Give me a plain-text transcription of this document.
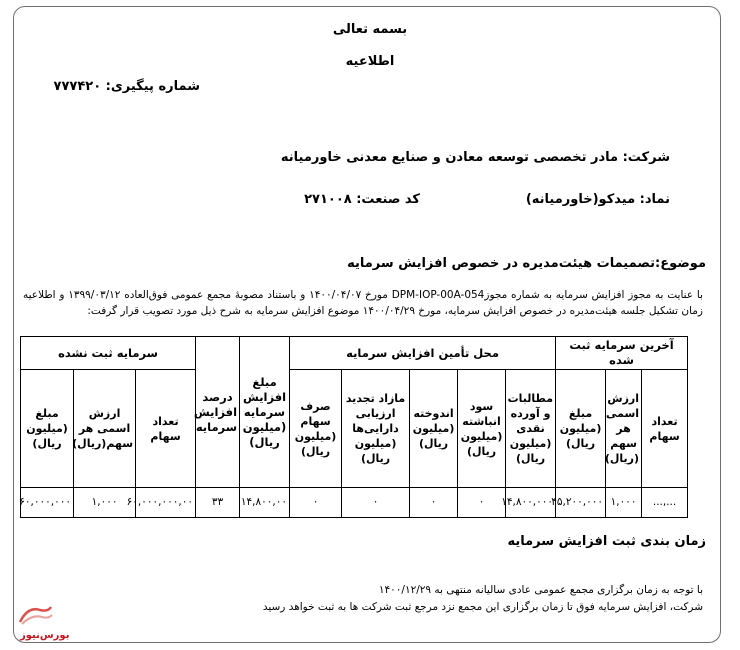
بسمه تعالی
اطلاعیه
شماره پیگیری: ۷۷۷۴۲۰
شرکت: مادر تخصصی توسعه معادن و صنایع معدنی خاورمیانه
نماد: میدکو(خاورمیانه)
کد صنعت: ۲۷۱۰۰۸
موضوع:تصمیمات هیئت‌مدیره در خصوص افزایش سرمایه
با عنایت به مجوز افزایش سرمایه به شماره مجوزDPM-IOP-00A-054 مورخ ۱۴۰۰/۰۴/۰۷ و باستناد مصوبهٔ مجمع عمومی فوق‌العاده ۱۳۹۹/۰۳/۱۲ و اطلاعیه زمان تشکیل جلسه هیئت‌مدیره در خصوص افزایش سرمایه، مورخ ۱۴۰۰/۰۴/۲۹ موضوع افزایش سرمایه به شرح ذیل مورد تصویب قرار گرفت:
آخرین سرمایه ثبت شده			محل تأمین افزایش سرمایه					مبلغ افزایش سرمایه (میلیون ریال)	درصد افزایش سرمایه	سرمایه ثبت نشده		
تعداد سهام	ارزش اسمی هر سهم (ریال)	مبلغ (میلیون ریال)	مطالبات و آورده نقدی (میلیون ریال)	سود انباشته (میلیون ریال)	اندوخته (میلیون ریال)	مازاد تجدید ارزیابی دارایی‌ها (میلیون ریال)	صرف سهام (میلیون ریال)			تعداد سهام	ارزش اسمی هر سهم(ریال)	مبلغ (میلیون ریال)
...,...	۱,۰۰۰	۴۵,۲۰۰,۰۰۰	۱۴,۸۰۰,۰۰۰	۰	۰	۰	۰	۱۴,۸۰۰,۰۰	۳۳	۶۰,۰۰۰,۰۰۰,۰۰	۱,۰۰۰	۶۰,۰۰۰,۰۰۰
زمان بندی ثبت افزایش سرمایه
با توجه به زمان برگزاری مجمع عمومی عادی سالیانه منتهی به ۱۴۰۰/۱۲/۲۹
شرکت، افزایش سرمایه فوق تا زمان برگزاری این مجمع نزد مرجع ثبت شرکت ها به ثبت خواهد رسید
بورس‌نیوز
